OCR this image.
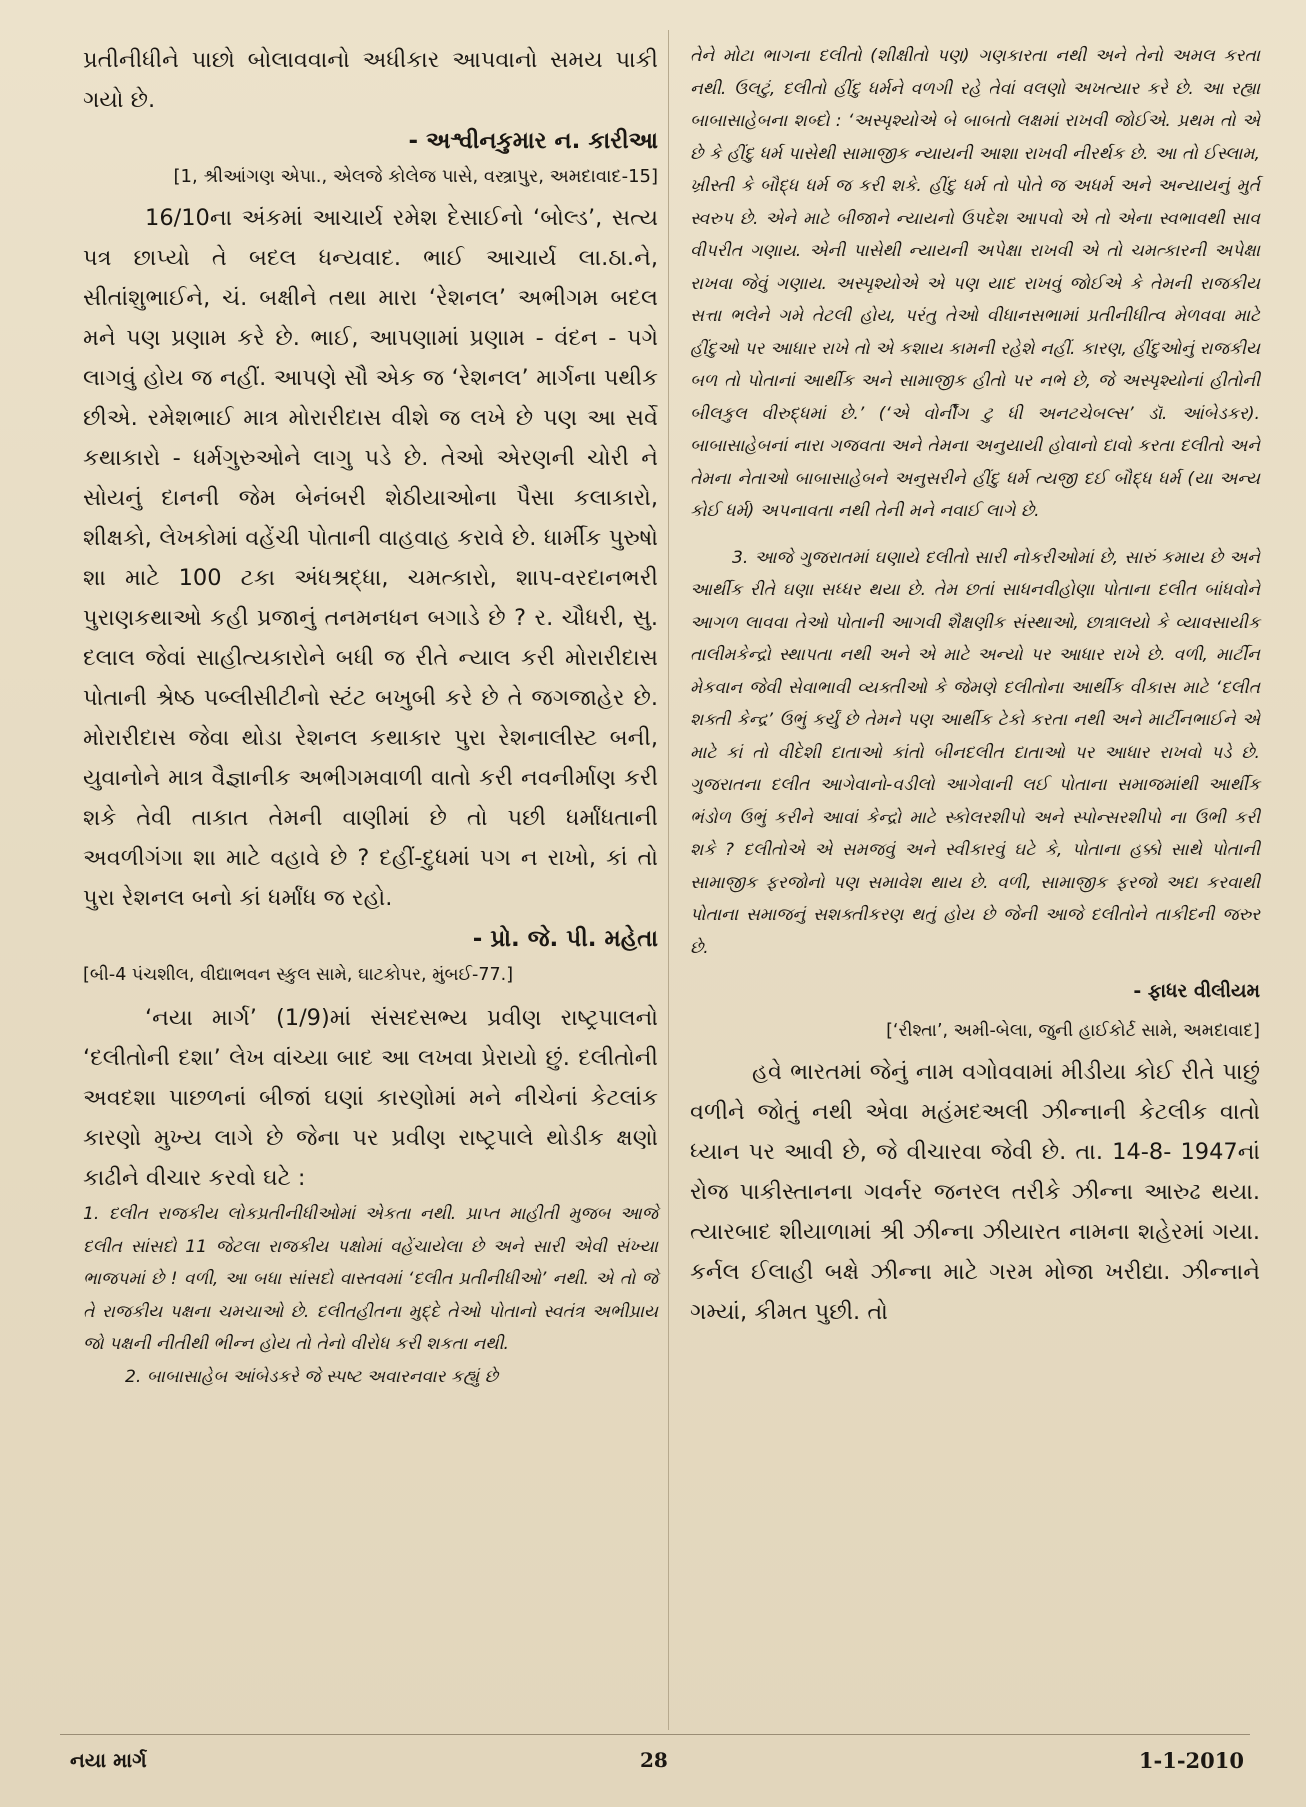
પ્રતીનીધીને પાછો બોલાવવાનો અધીકાર આપવાનો સમય પાકી ગયો છે.

- અશ્વીનકુમાર ન. કારીઆ
[1, શ્રીઆંગણ એપા., એલજે કોલેજ પાસે, વસ્ત્રાપુર, અમદાવાદ-15]

16/10ના અંકમાં આચાર્ય રમેશ દેસાઈનો ‘બોલ્ડ’, સત્ય પત્ર છાપ્યો તે બદલ ધન્યવાદ. ભાઈ આચાર્ય લા.ઠા.ને, સીતાંશુભાઈને, ચં. બક્ષીને તથા મારા ‘રેશનલ’ અભીગમ બદલ મને પણ પ્રણામ કરે છે. ભાઈ, આપણામાં પ્રણામ - વંદન - પગે લાગવું હોય જ નહીં. આપણે સૌ એક જ ‘રેશનલ’ માર્ગના પથીક છીએ. રમેશભાઈ માત્ર મોરારીદાસ વીશે જ લખે છે પણ આ સર્વે કથાકારો - ધર્મગુરુઓને લાગુ પડે છે. તેઓ એરણની ચોરી ને સોયનું દાનની જેમ બેનંબરી શેઠીયાઓના પૈસા કલાકારો, શીક્ષકો, લેખકોમાં વહેંચી પોતાની વાહવાહ કરાવે છે. ધાર્મીક પુરુષો શા માટે 100 ટકા અંધશ્રદ્ધા, ચમત્કારો, શાપ-વરદાનભરી પુરાણકથાઓ કહી પ્રજાનું તનમનધન બગાડે છે ? ર. ચૌધરી, સુ. દલાલ જેવાં સાહીત્યકારોને બધી જ રીતે ન્યાલ કરી મોરારીદાસ પોતાની શ્રેષ્ઠ પબ્લીસીટીનો સ્ટંટ બખુબી કરે છે તે જગજાહેર છે. મોરારીદાસ જેવા થોડા રેશનલ કથાકાર પુરા રેશનાલીસ્ટ બની, યુવાનોને માત્ર વૈજ્ઞાનીક અભીગમવાળી વાતો કરી નવનીર્માણ કરી શકે તેવી તાકાત તેમની વાણીમાં છે તો પછી ધર્માંધતાની અવળીગંગા શા માટે વહાવે છે ? દહીં-દુધમાં પગ ન રાખો, કાં તો પુરા રેશનલ બનો કાં ધર્માંધ જ રહો.

- પ્રો. જે. પી. મહેતા
[બી-4 પંચશીલ, વીદ્યાભવન સ્કુલ સામે, ઘાટકોપર, મુંબઈ-77.]

‘નયા માર્ગ’ (1/9)માં સંસદસભ્ય પ્રવીણ રાષ્ટ્રપાલનો ‘દલીતોની દશા’ લેખ વાંચ્યા બાદ આ લખવા પ્રેરાયો છું. દલીતોની અવદશા પાછળનાં બીજાં ઘણાં કારણોમાં મને નીચેનાં કેટલાંક કારણો મુખ્ય લાગે છે જેના પર પ્રવીણ રાષ્ટ્રપાલે થોડીક ક્ષણો કાઢીને વીચાર કરવો ઘટે :

1. દલીત રાજકીય લોકપ્રતીનીધીઓમાં એકતા નથી. પ્રાપ્ત માહીતી મુજબ આજે દલીત સાંસદો 11 જેટલા રાજકીય પક્ષોમાં વહેંચાયેલા છે અને સારી એવી સંખ્યા ભાજપમાં છે ! વળી, આ બધા સાંસદો વાસ્તવમાં ‘દલીત પ્રતીનીધીઓ’ નથી. એ તો જે તે રાજકીય પક્ષના ચમચાઓ છે. દલીતહીતના મુદ્દે તેઓ પોતાનો સ્વતંત્ર અભીપ્રાય જો પક્ષની નીતીથી ભીન્ન હોય તો તેનો વીરોધ કરી શકતા નથી.

2. બાબાસાહેબ આંબેડકરે જે સ્પષ્ટ અવારનવાર કહ્યું છે

તેને મોટા ભાગના દલીતો (શીક્ષીતો પણ) ગણકારતા નથી અને તેનો અમલ કરતા નથી. ઉલટું, દલીતો હીંદુ ધર્મને વળગી રહે તેવાં વલણો અખત્યાર કરે છે. આ રહ્યા બાબાસાહેબના શબ્દો : ‘અસ્પૃશ્યોએ બે બાબતો લક્ષમાં રાખવી જોઈએ. પ્રથમ તો એ છે કે હીંદુ ધર્મ પાસેથી સામાજીક ન્યાયની આશા રાખવી નીરર્થક છે. આ તો ઈસ્લામ, ખ્રીસ્તી કે બૌદ્ધ ધર્મ જ કરી શકે. હીંદુ ધર્મ તો પોતે જ અધર્મ અને અન્યાયનું મુર્ત સ્વરુપ છે. એને માટે બીજાને ન્યાયનો ઉપદેશ આપવો એ તો એના સ્વભાવથી સાવ વીપરીત ગણાય. એની પાસેથી ન્યાયની અપેક્ષા રાખવી એ તો ચમત્કારની અપેક્ષા રાખવા જેવું ગણાય. અસ્પૃશ્યોએ એ પણ યાદ રાખવું જોઈએ કે તેમની રાજકીય સત્તા ભલેને ગમે તેટલી હોય, પરંતુ તેઓ વીધાનસભામાં પ્રતીનીધીત્વ મેળવવા માટે હીંદુઓ પર આધાર રાખે તો એ કશાય કામની રહેશે નહીં. કારણ, હીંદુઓનું રાજકીય બળ તો પોતાનાં આર્થીક અને સામાજીક હીતો પર નભે છે, જે અસ્પૃશ્યોનાં હીતોની બીલકુલ વીરુદ્ધમાં છે.’ (‘એ વોર્નીંગ ટુ ધી અનટચેબલ્સ’ ડૉ. આંબેડકર). બાબાસાહેબનાં નારા ગજવતા અને તેમના અનુયાયી હોવાનો દાવો કરતા દલીતો અને તેમના નેતાઓ બાબાસાહેબને અનુસરીને હીંદુ ધર્મ ત્યજી દઈ બૌદ્ધ ધર્મ (યા અન્ય કોઈ ધર્મ) અપનાવતા નથી તેની મને નવાઈ લાગે છે.

3. આજે ગુજરાતમાં ઘણાયે દલીતો સારી નોકરીઓમાં છે, સારું કમાય છે અને આર્થીક રીતે ઘણા સધ્ધર થયા છે. તેમ છતાં સાધનવીહોણા પોતાના દલીત બાંધવોને આગળ લાવવા તેઓ પોતાની આગવી શૈક્ષણીક સંસ્થાઓ, છાત્રાલયો કે વ્યાવસાયીક તાલીમકેન્દ્રો સ્થાપતા નથી અને એ માટે અન્યો પર આધાર રાખે છે. વળી, માર્ટીન મેકવાન જેવી સેવાભાવી વ્યક્તીઓ કે જેમણે દલીતોના આર્થીક વીકાસ માટે ‘દલીત શક્તી કેન્દ્ર’ ઉભું કર્યું છે તેમને પણ આર્થીક ટેકો કરતા નથી અને માર્ટીનભાઈને એ માટે કાં તો વીદેશી દાતાઓ કાંતો બીનદલીત દાતાઓ પર આધાર રાખવો પડે છે. ગુજરાતના દલીત આગેવાનો-વડીલો આગેવાની લઈ પોતાના સમાજમાંથી આર્થીક ભંડોળ ઉભું કરીને આવાં કેન્દ્રો માટે સ્કોલરશીપો અને સ્પોન્સરશીપો ના ઉભી કરી શકે ? દલીતોએ એ સમજવું અને સ્વીકારવું ઘટે કે, પોતાના હક્કો સાથે પોતાની સામાજીક ફરજોનો પણ સમાવેશ થાય છે. વળી, સામાજીક ફરજો અદા કરવાથી પોતાના સમાજનું સશક્તીકરણ થતું હોય છે જેની આજે દલીતોને તાકીદની જરુર છે.

- ફાધર વીલીયમ
[‘રીશ્તા’, અમી-બેલા, જુની હાઈકોર્ટ સામે, અમદાવાદ]

હવે ભારતમાં જેનું નામ વગોવવામાં મીડીયા કોઈ રીતે પાછું વળીને જોતું નથી એવા મહંમદઅલી ઝીન્નાની કેટલીક વાતો ધ્યાન પર આવી છે, જે વીચારવા જેવી છે. તા. 14-8- 1947નાં રોજ પાકીસ્તાનના ગવર્નર જનરલ તરીકે ઝીન્ના આરુઢ થયા. ત્યારબાદ શીયાળામાં શ્રી ઝીન્ના ઝીયારત નામના શહેરમાં ગયા. કર્નલ ઈલાહી બક્ષે ઝીન્ના માટે ગરમ મોજા ખરીદ્યા. ઝીન્નાને ગમ્યાં, કીમત પુછી. તો

નયા માર્ગ	28	1-1-2010
